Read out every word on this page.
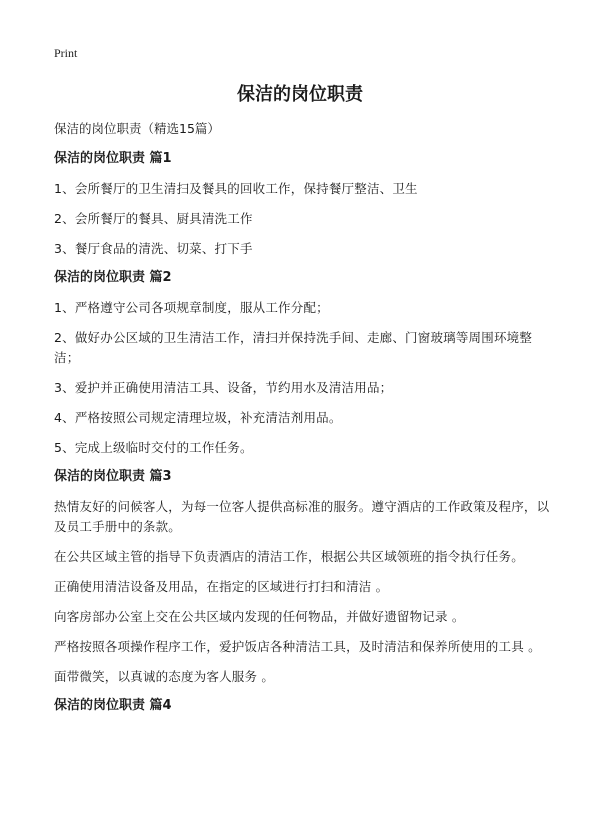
Print
保洁的岗位职责

保洁的岗位职责（精选15篇）

保洁的岗位职责 篇1

1、会所餐厅的卫生清扫及餐具的回收工作，保持餐厅整洁、卫生

2、会所餐厅的餐具、厨具清洗工作

3、餐厅食品的清洗、切菜、打下手

保洁的岗位职责 篇2

1、严格遵守公司各项规章制度，服从工作分配；

2、做好办公区域的卫生清洁工作，清扫并保持洗手间、走廊、门窗玻璃等周围环境整洁；

3、爱护并正确使用清洁工具、设备，节约用水及清洁用品；

4、严格按照公司规定清理垃圾，补充清洁剂用品。

5、完成上级临时交付的工作任务。

保洁的岗位职责 篇3

热情友好的问候客人，为每一位客人提供高标准的服务。遵守酒店的工作政策及程序，以及员工手册中的条款。

在公共区域主管的指导下负责酒店的清洁工作，根据公共区域领班的指令执行任务。

正确使用清洁设备及用品，在指定的区域进行打扫和清洁 。

向客房部办公室上交在公共区域内发现的任何物品，并做好遗留物记录 。

严格按照各项操作程序工作，爱护饭店各种清洁工具，及时清洁和保养所使用的工具 。

面带微笑，以真诚的态度为客人服务 。

保洁的岗位职责 篇4
